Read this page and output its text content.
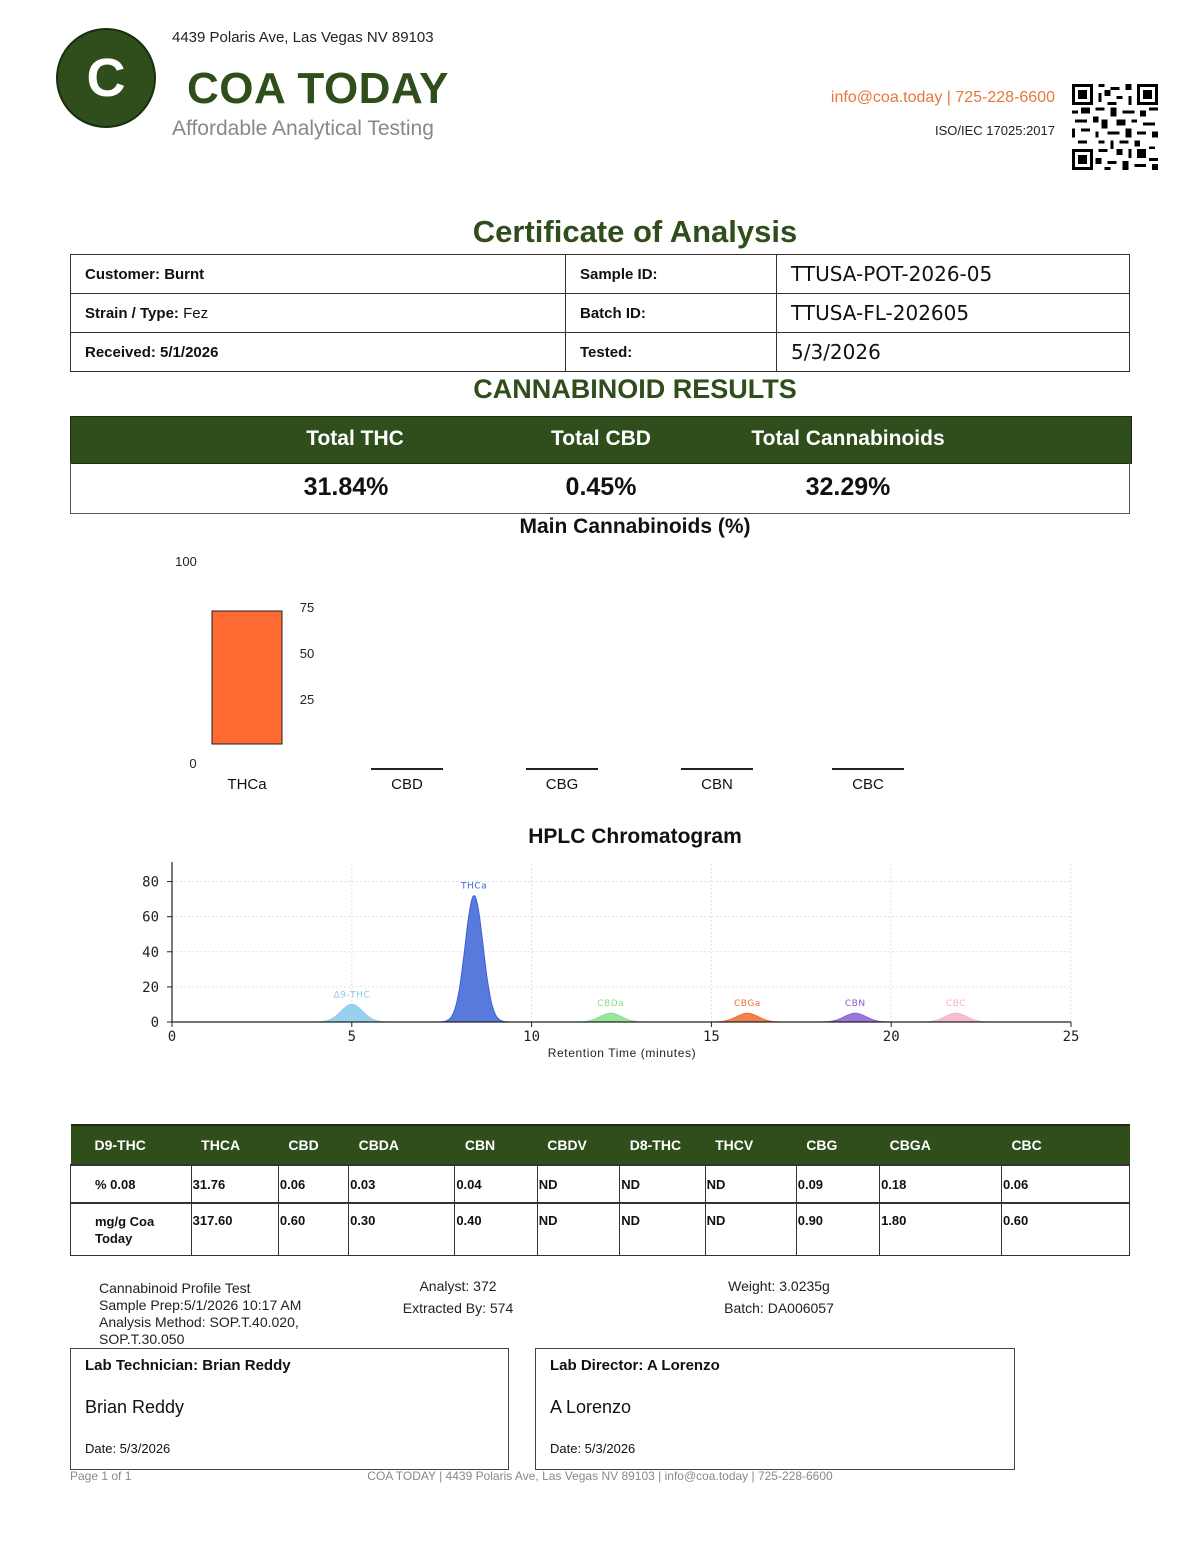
C
4439 Polaris Ave, Las Vegas NV 89103
COA TODAY
Affordable Analytical Testing
info@coa.today | 725-228-6600
ISO/IEC 17025:2017
Certificate of Analysis
Customer: Burnt	Sample ID:	TTUSA-POT-2026-05
Strain / Type: Fez	Batch ID:	TTUSA-FL-202605
Received: 5/1/2026	Tested:	5/3/2026
CANNABINOID RESULTS
Total THC	Total CBD	Total Cannabinoids
31.84%	0.45%	32.29%
Main Cannabinoids (%)
100
75
50
25
0
THCa	CBD	CBG	CBN	CBC
HPLC Chromatogram
0
20
40
60
80
0	5	10	15	20	25
Δ9-THC
THCa
CBDa	CBGa	CBN	CBC
Retention Time (minutes)
D9-THC	THCA	CBD	CBDA	CBN	CBDV	D8-THC	THCV	CBG	CBGA	CBC
% 0.08	31.76	0.06	0.03	0.04	ND	ND	ND	0.09	0.18	0.06
mg/g Coa Today	317.60	0.60	0.30	0.40	ND	ND	ND	0.90	1.80	0.60
Cannabinoid Profile Test
Sample Prep:5/1/2026 10:17 AM
Analysis Method: SOP.T.40.020,
SOP.T.30.050
Analyst: 372
Extracted By: 574
Weight: 3.0235g
Batch: DA006057
Lab Technician: Brian Reddy
Brian Reddy
Date: 5/3/2026
Lab Director: A Lorenzo
A Lorenzo
Date: 5/3/2026
Page 1 of 1	COA TODAY | 4439 Polaris Ave, Las Vegas NV 89103 | info@coa.today | 725-228-6600
